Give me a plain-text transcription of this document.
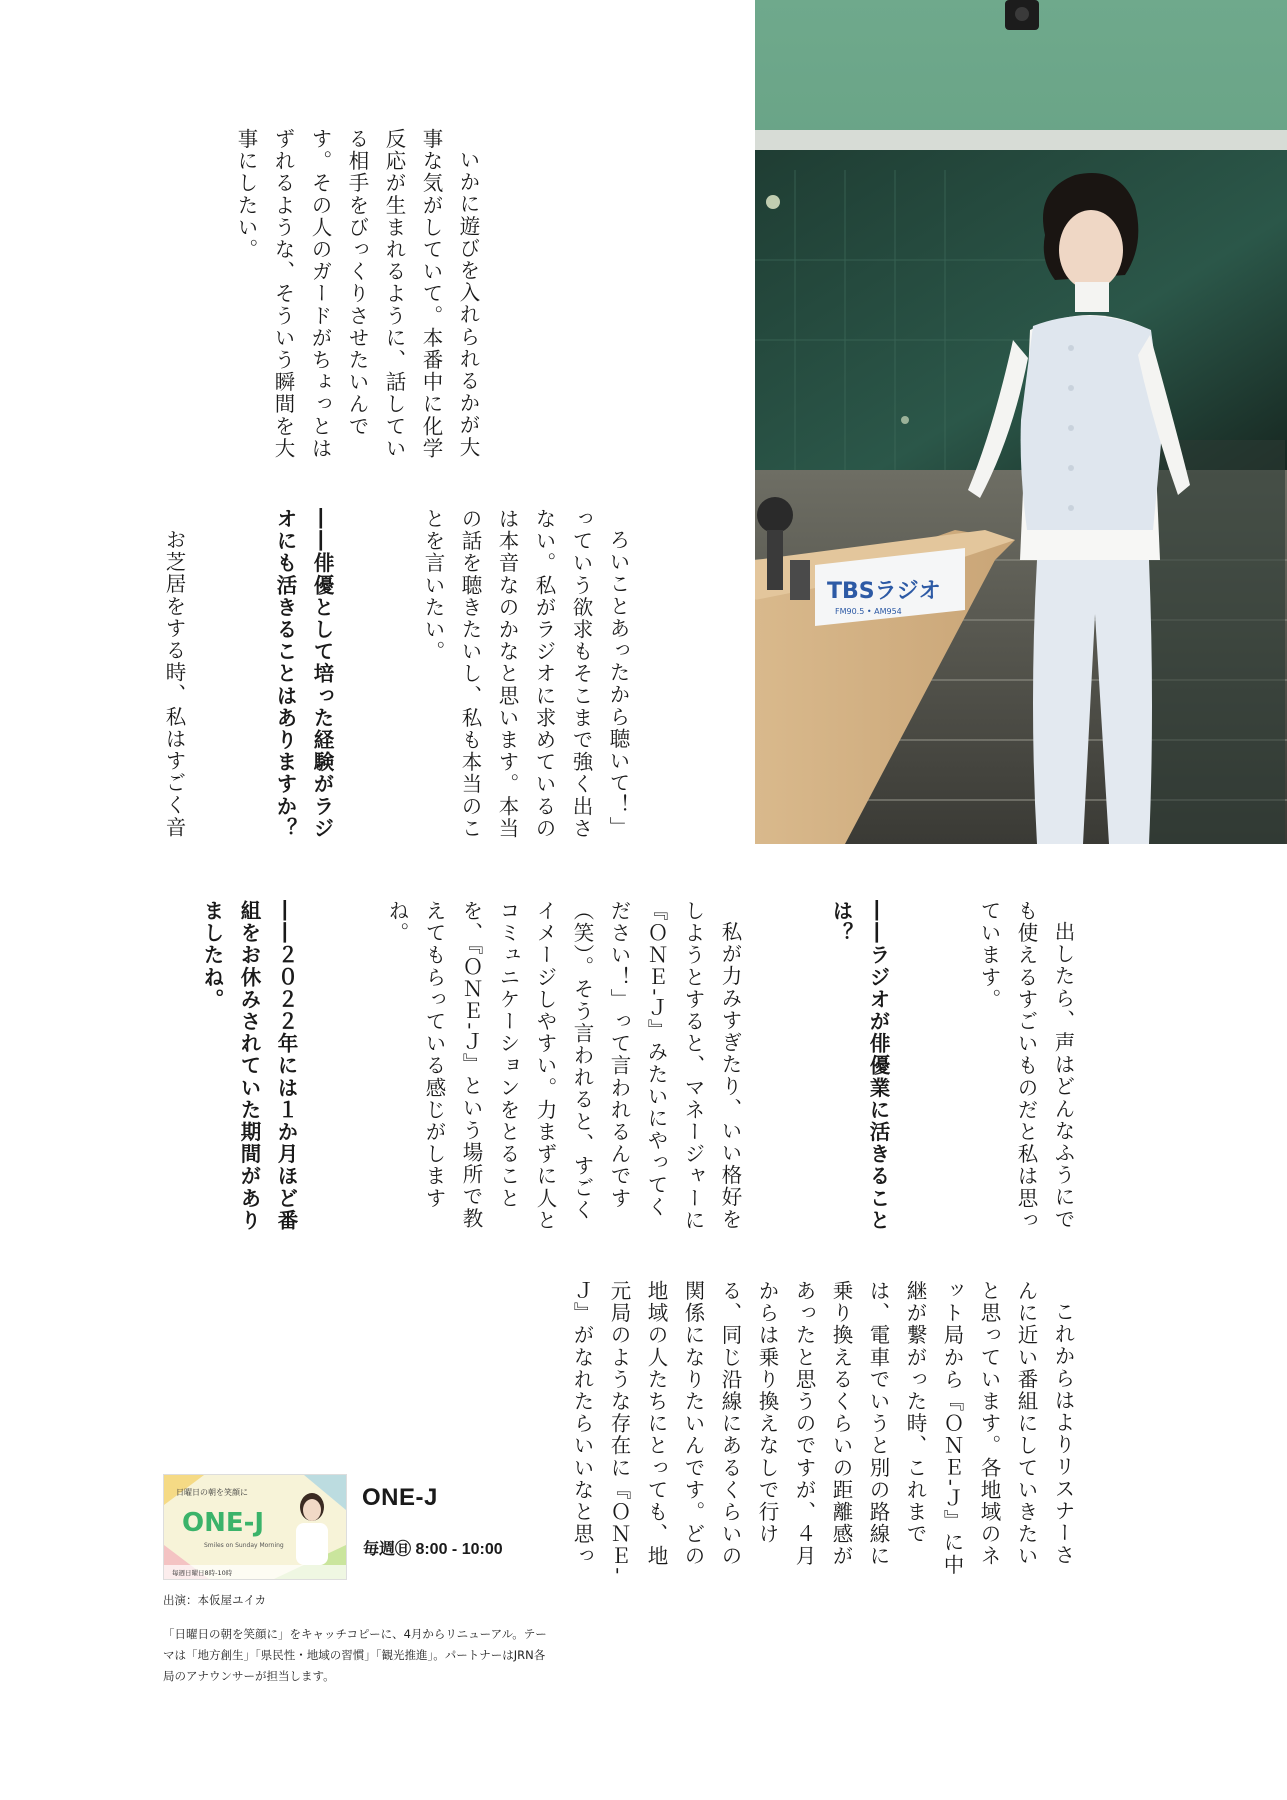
TBSラジオ
FM90.5 • AM954

いかに遊びを入れられるかが大事な気がしていて。本番中に化学反応が生まれるように、話している相手をびっくりさせたいんです。その人のガードがちょっとはずれるような、そういう瞬間を大事にしたい。

ろいことあったから聴いて！」っていう欲求もそこまで強く出さない。私がラジオに求めているのは本音なのかなと思います。本当の話を聴きたいし、私も本当のことを言いたい。

――俳優として培った経験がラジオにも活きることはありますか？

お芝居をする時、私はすごく音

出したら、声はどんなふうにでも使えるすごいものだと私は思っています。

――ラジオが俳優業に活きることは？

私が力みすぎたり、いい格好をしようとすると、マネージャーに『ＯＮＥ-Ｊ』みたいにやってください！」って言われるんです（笑）。そう言われると、すごくイメージしやすい。力まずに人とコミュニケーションをとることを、『ＯＮＥ-Ｊ』という場所で教えてもらっている感じがしますね。

――２０２２年には１か月ほど番組をお休みされていた期間がありましたね。

これからはよりリスナーさんに近い番組にしていきたいと思っています。各地域のネット局から『ＯＮＥ-Ｊ』に中継が繋がった時、これまでは、電車でいうと別の路線に乗り換えるくらいの距離感があったと思うのですが、４月からは乗り換えなしで行ける、同じ沿線にあるくらいの関係になりたいんです。どの地域の人たちにとっても、地元局のような存在に『ＯＮＥ-Ｊ』がなれたらいいなと思っ

日曜日の朝を笑顔に
ONE-J
Smiles on Sunday Morning
毎週日曜日8時-10時
ONE-J
毎週㊐ 8:00 - 10:00
出演：本仮屋ユイカ

「日曜日の朝を笑顔に」をキャッチコピーに、4月からリニューアル。テーマは「地方創生」「県民性・地域の習慣」「観光推進」。パートナーはJRN各局のアナウンサーが担当します。
